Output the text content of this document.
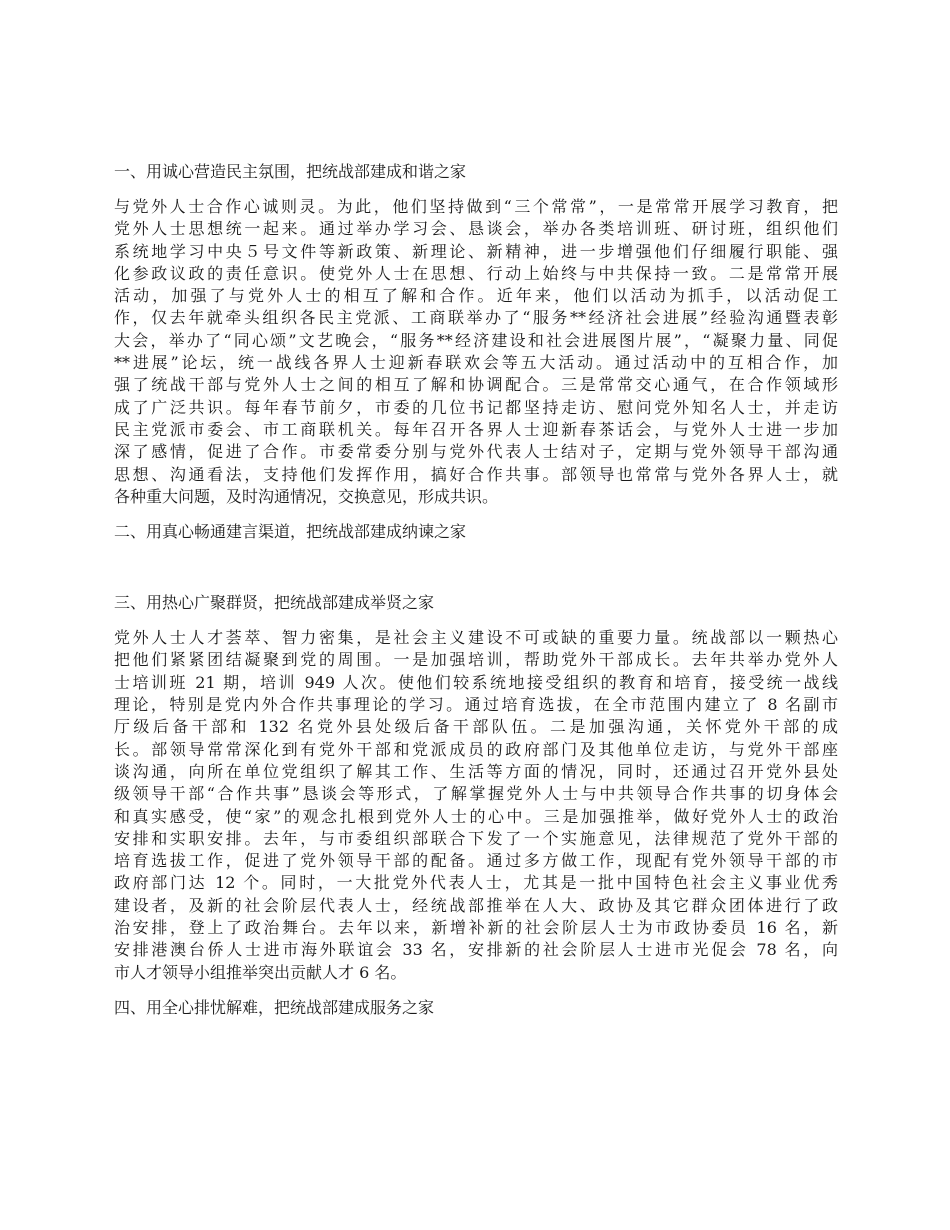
一、用诚心营造民主氛围，把统战部建成和谐之家

与党外人士合作心诚则灵。为此，他们坚持做到“三个常常”，一是常常开展学习教育，把
党外人士思想统一起来。通过举办学习会、恳谈会，举办各类培训班、研讨班，组织他们
系统地学习中央５号文件等新政策、新理论、新精神，进一步增强他们仔细履行职能、强
化参政议政的责任意识。使党外人士在思想、行动上始终与中共保持一致。二是常常开展
活动，加强了与党外人士的相互了解和合作。近年来，他们以活动为抓手，以活动促工
作，仅去年就牵头组织各民主党派、工商联举办了“服务**经济社会进展”经验沟通暨表彰
大会，举办了“同心颂”文艺晚会，“服务**经济建设和社会进展图片展”，“凝聚力量、同促
**进展”论坛，统一战线各界人士迎新春联欢会等五大活动。通过活动中的互相合作，加
强了统战干部与党外人士之间的相互了解和协调配合。三是常常交心通气，在合作领域形
成了广泛共识。每年春节前夕，市委的几位书记都坚持走访、慰问党外知名人士，并走访
民主党派市委会、市工商联机关。每年召开各界人士迎新春茶话会，与党外人士进一步加
深了感情，促进了合作。市委常委分别与党外代表人士结对子，定期与党外领导干部沟通
思想、沟通看法，支持他们发挥作用，搞好合作共事。部领导也常常与党外各界人士，就
各种重大问题，及时沟通情况，交换意见，形成共识。

二、用真心畅通建言渠道，把统战部建成纳谏之家

三、用热心广聚群贤，把统战部建成举贤之家

党外人士人才荟萃、智力密集，是社会主义建设不可或缺的重要力量。统战部以一颗热心
把他们紧紧团结凝聚到党的周围。一是加强培训，帮助党外干部成长。去年共举办党外人
士培训班 21 期，培训 949 人次。使他们较系统地接受组织的教育和培育，接受统一战线
理论，特别是党内外合作共事理论的学习。通过培育选拔，在全市范围内建立了 8 名副市
厅级后备干部和 132 名党外县处级后备干部队伍。二是加强沟通，关怀党外干部的成
长。部领导常常深化到有党外干部和党派成员的政府部门及其他单位走访，与党外干部座
谈沟通，向所在单位党组织了解其工作、生活等方面的情况，同时，还通过召开党外县处
级领导干部“合作共事”恳谈会等形式，了解掌握党外人士与中共领导合作共事的切身体会
和真实感受，使“家”的观念扎根到党外人士的心中。三是加强推举，做好党外人士的政治
安排和实职安排。去年，与市委组织部联合下发了一个实施意见，法律规范了党外干部的
培育选拔工作，促进了党外领导干部的配备。通过多方做工作，现配有党外领导干部的市
政府部门达 12 个。同时，一大批党外代表人士，尤其是一批中国特色社会主义事业优秀
建设者，及新的社会阶层代表人士，经统战部推举在人大、政协及其它群众团体进行了政
治安排，登上了政治舞台。去年以来，新增补新的社会阶层人士为市政协委员 16 名，新
安排港澳台侨人士进市海外联谊会 33 名，安排新的社会阶层人士进市光促会 78 名，向
市人才领导小组推举突出贡献人才 6 名。

四、用全心排忧解难，把统战部建成服务之家
